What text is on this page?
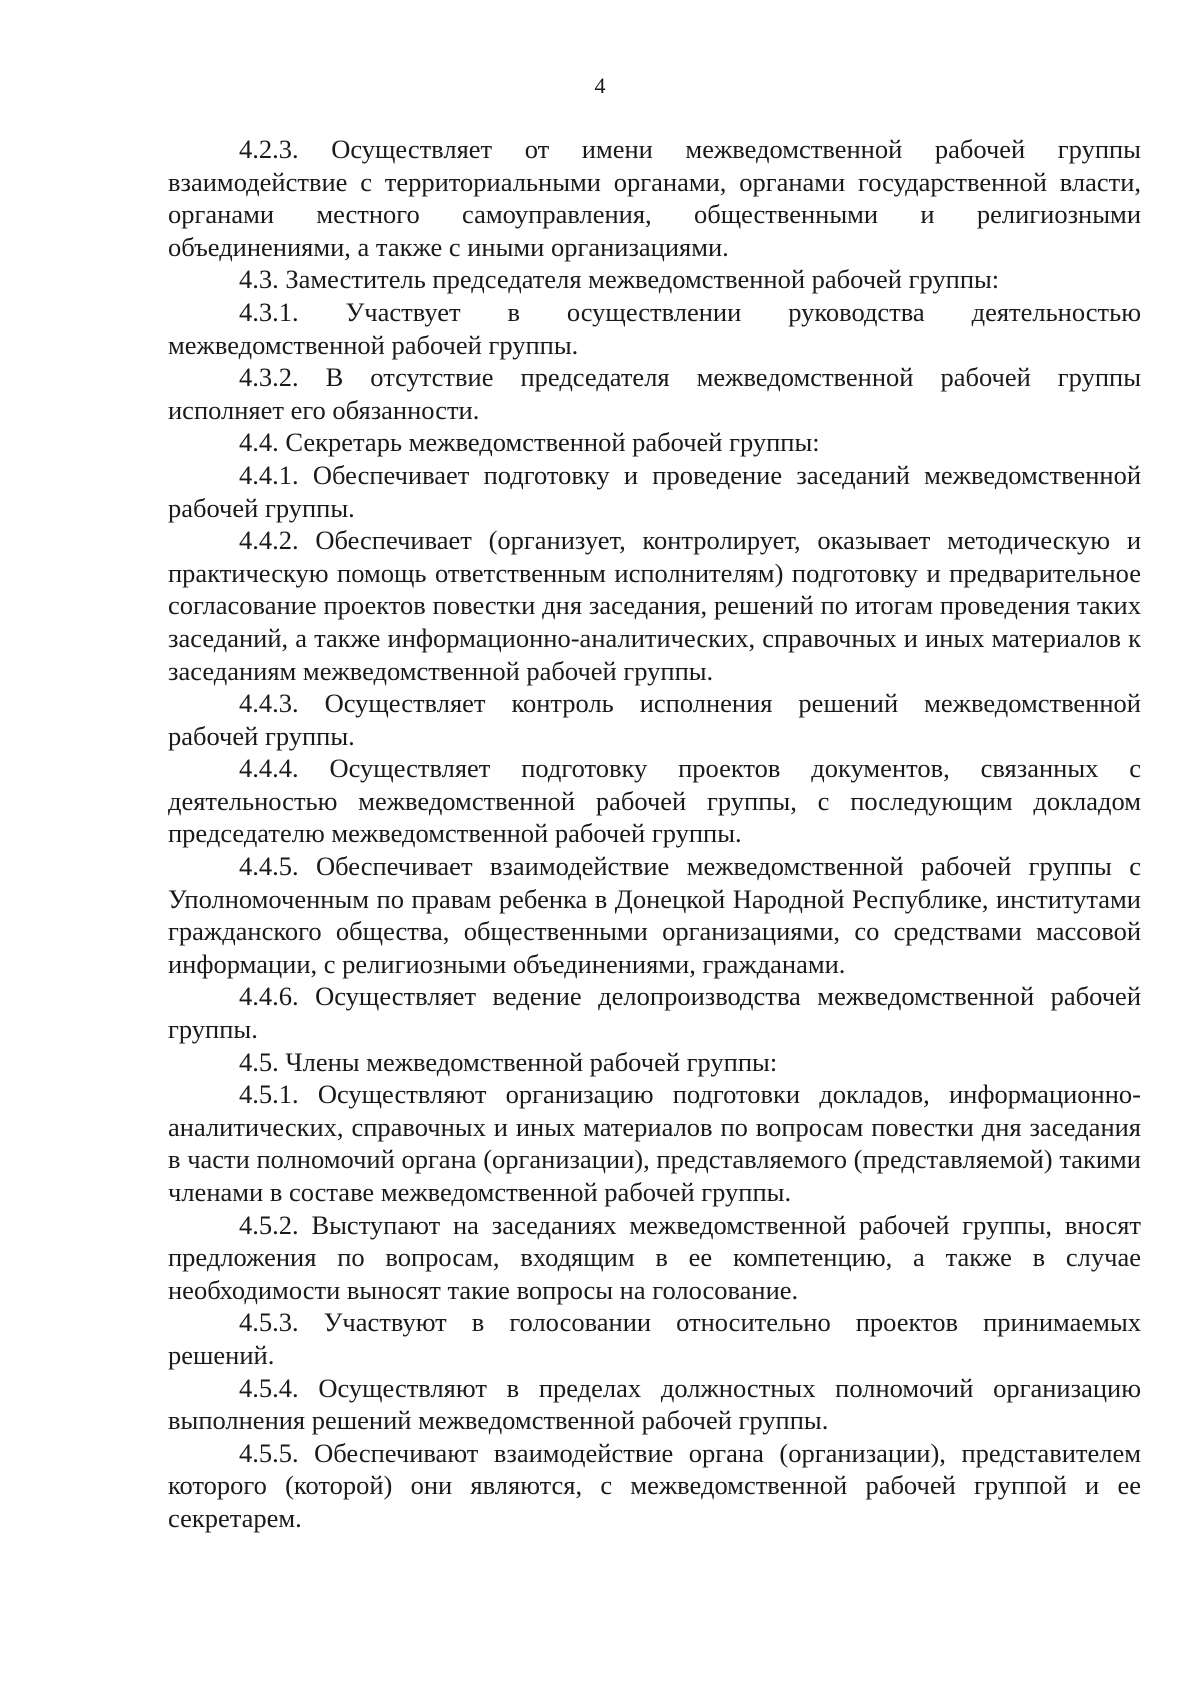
4

4.2.3. Осуществляет от имени межведомственной рабочей группы взаимодействие с территориальными органами, органами государственной власти, органами местного самоуправления, общественными и религиозными объединениями, а также с иными организациями.

4.3. Заместитель председателя межведомственной рабочей группы:

4.3.1. Участвует в осуществлении руководства деятельностью межведомственной рабочей группы.

4.3.2. В отсутствие председателя межведомственной рабочей группы исполняет его обязанности.

4.4. Секретарь межведомственной рабочей группы:

4.4.1. Обеспечивает подготовку и проведение заседаний межведомственной рабочей группы.

4.4.2. Обеспечивает (организует, контролирует, оказывает методическую и практическую помощь ответственным исполнителям) подготовку и предварительное согласование проектов повестки дня заседания, решений по итогам проведения таких заседаний, а также информационно-аналитических, справочных и иных материалов к заседаниям межведомственной рабочей группы.

4.4.3. Осуществляет контроль исполнения решений межведомственной рабочей группы.

4.4.4. Осуществляет подготовку проектов документов, связанных с деятельностью межведомственной рабочей группы, с последующим докладом председателю межведомственной рабочей группы.

4.4.5. Обеспечивает взаимодействие межведомственной рабочей группы с Уполномоченным по правам ребенка в Донецкой Народной Республике, институтами гражданского общества, общественными организациями, со средствами массовой информации, с религиозными объединениями, гражданами.

4.4.6. Осуществляет ведение делопроизводства межведомственной рабочей группы.

4.5. Члены межведомственной рабочей группы:

4.5.1. Осуществляют организацию подготовки докладов, информационно-аналитических, справочных и иных материалов по вопросам повестки дня заседания в части полномочий органа (организации), представляемого (представляемой) такими членами в составе межведомственной рабочей группы.

4.5.2. Выступают на заседаниях межведомственной рабочей группы, вносят предложения по вопросам, входящим в ее компетенцию, а также в случае необходимости выносят такие вопросы на голосование.

4.5.3. Участвуют в голосовании относительно проектов принимаемых решений.

4.5.4. Осуществляют в пределах должностных полномочий организацию выполнения решений межведомственной рабочей группы.

4.5.5. Обеспечивают взаимодействие органа (организации), представителем которого (которой) они являются, с межведомственной рабочей группой и ее секретарем.
